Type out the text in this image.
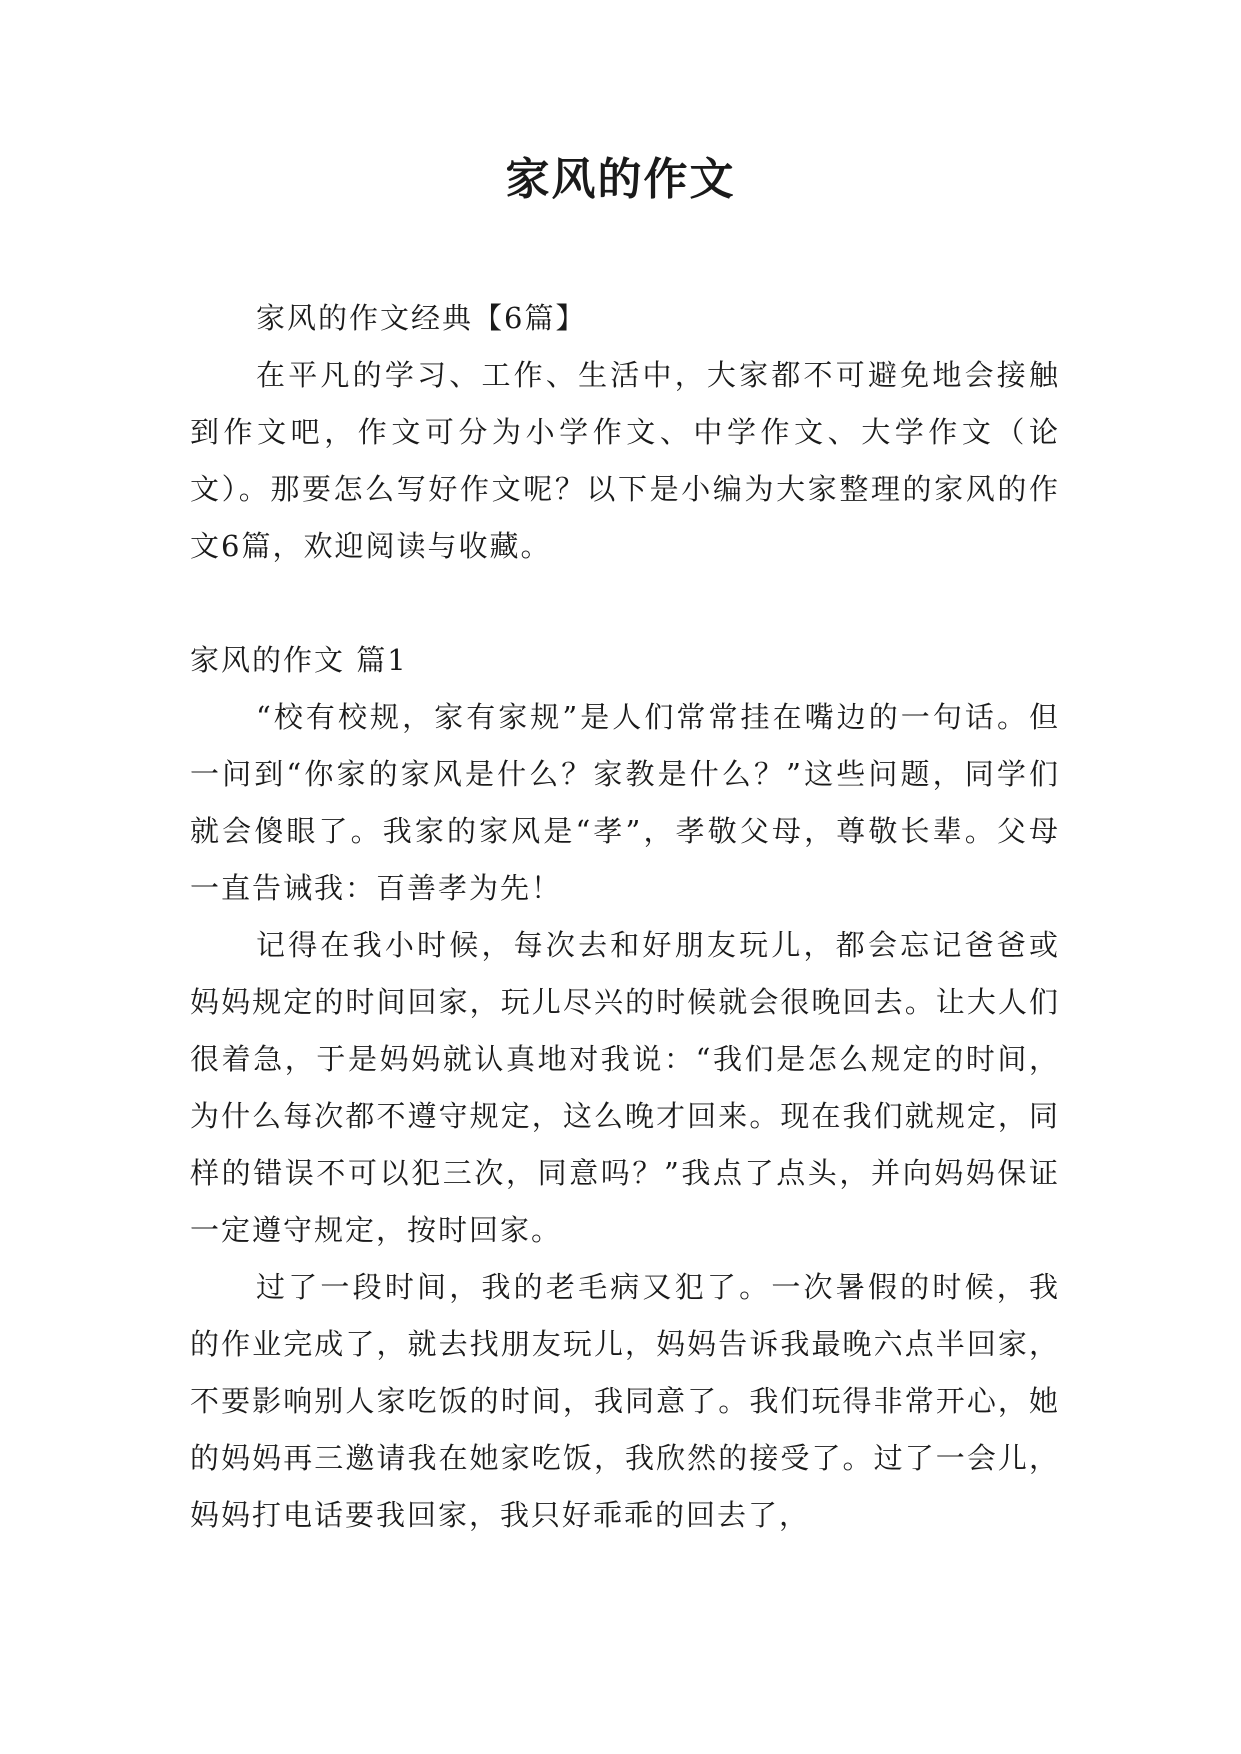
家风的作文

家风的作文经典【6篇】

在平凡的学习、工作、生活中，大家都不可避免地会接触到作文吧，作文可分为小学作文、中学作文、大学作文（论文）。那要怎么写好作文呢？以下是小编为大家整理的家风的作文6篇，欢迎阅读与收藏。

家风的作文 篇1

“校有校规，家有家规”是人们常常挂在嘴边的一句话。但一问到“你家的家风是什么？家教是什么？”这些问题，同学们就会傻眼了。我家的家风是“孝”，孝敬父母，尊敬长辈。父母一直告诫我：百善孝为先！

记得在我小时候，每次去和好朋友玩儿，都会忘记爸爸或妈妈规定的时间回家，玩儿尽兴的时候就会很晚回去。让大人们很着急，于是妈妈就认真地对我说：“我们是怎么规定的时间，为什么每次都不遵守规定，这么晚才回来。现在我们就规定，同样的错误不可以犯三次，同意吗？”我点了点头，并向妈妈保证一定遵守规定，按时回家。

过了一段时间，我的老毛病又犯了。一次暑假的时候，我的作业完成了，就去找朋友玩儿，妈妈告诉我最晚六点半回家，不要影响别人家吃饭的时间，我同意了。我们玩得非常开心，她的妈妈再三邀请我在她家吃饭，我欣然的接受了。过了一会儿，妈妈打电话要我回家，我只好乖乖的回去了，
